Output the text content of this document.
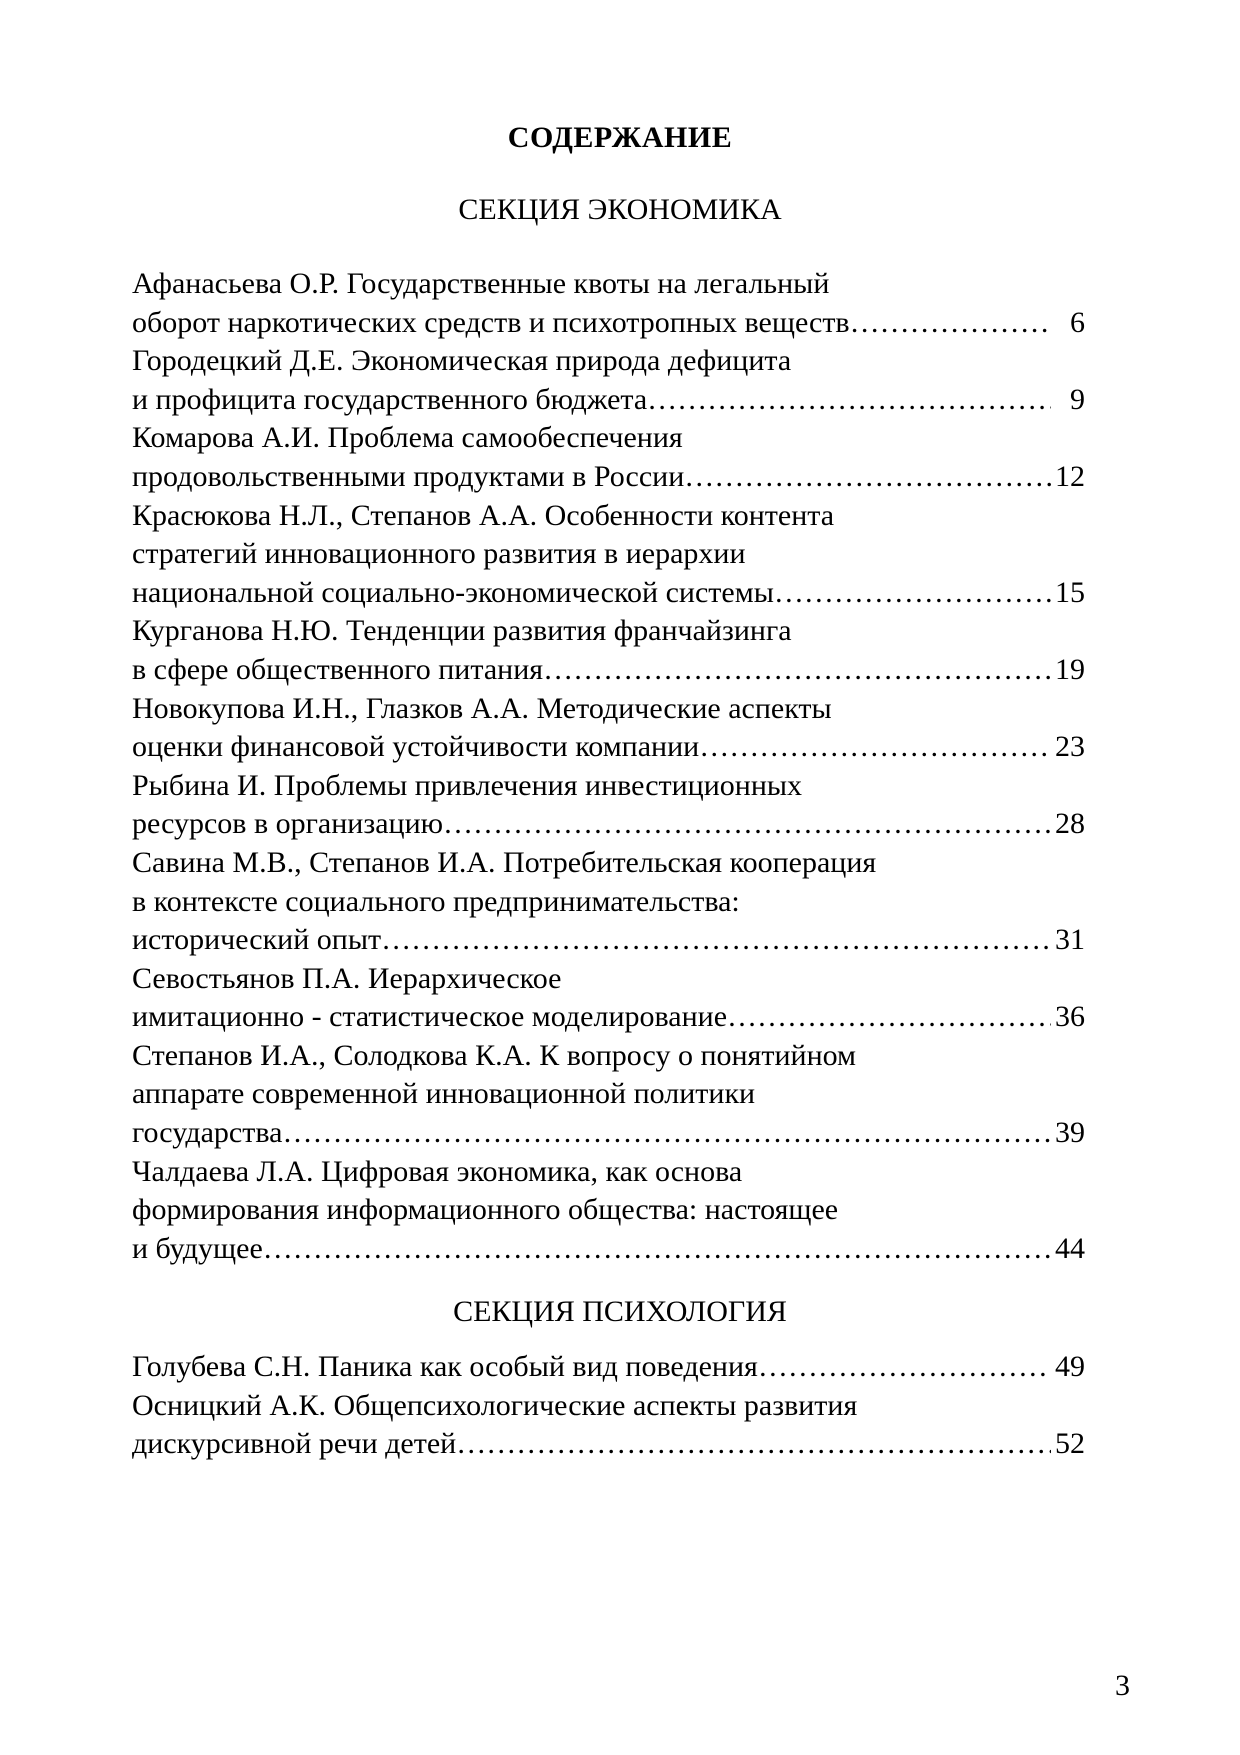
СОДЕРЖАНИЕ
СЕКЦИЯ ЭКОНОМИКА
Афанасьева О.Р. Государственные квоты на легальный
оборот наркотических средств и психотропных веществ ………………………………………………………………………………………………………………………………………………………………	6
Городецкий Д.Е. Экономическая природа дефицита
и профицита государственного бюджета ………………………………………………………………………………………………………………………………………………………………	9
Комарова А.И. Проблема самообеспечения
продовольственными продуктами в России ………………………………………………………………………………………………………………………………………………………………	12
Красюкова Н.Л., Степанов А.А. Особенности контента
стратегий инновационного развития в иерархии
национальной социально-экономической системы ………………………………………………………………………………………………………………………………………………………………	15
Курганова Н.Ю. Тенденции развития франчайзинга
в сфере общественного питания ………………………………………………………………………………………………………………………………………………………………	19
Новокупова И.Н., Глазков А.А. Методические аспекты
оценки финансовой устойчивости компании ………………………………………………………………………………………………………………………………………………………………	23
Рыбина И. Проблемы привлечения инвестиционных
ресурсов в организацию ………………………………………………………………………………………………………………………………………………………………	28
Савина М.В., Степанов И.А. Потребительская кооперация
в контексте социального предпринимательства:
исторический опыт ………………………………………………………………………………………………………………………………………………………………	31
Севостьянов П.А. Иерархическое
имитационно - статистическое моделирование ………………………………………………………………………………………………………………………………………………………………	36
Степанов И.А., Солодкова К.А. К вопросу о понятийном
аппарате современной инновационной политики
государства ………………………………………………………………………………………………………………………………………………………………	39
Чалдаева Л.А. Цифровая экономика, как основа
формирования информационного общества: настоящее
и будущее ………………………………………………………………………………………………………………………………………………………………	44
СЕКЦИЯ ПСИХОЛОГИЯ
Голубева С.Н. Паника как особый вид поведения ………………………………………………………………………………………………………………………………………………………………	49
Осницкий А.К. Общепсихологические аспекты развития
дискурсивной речи детей ………………………………………………………………………………………………………………………………………………………………	52
3
